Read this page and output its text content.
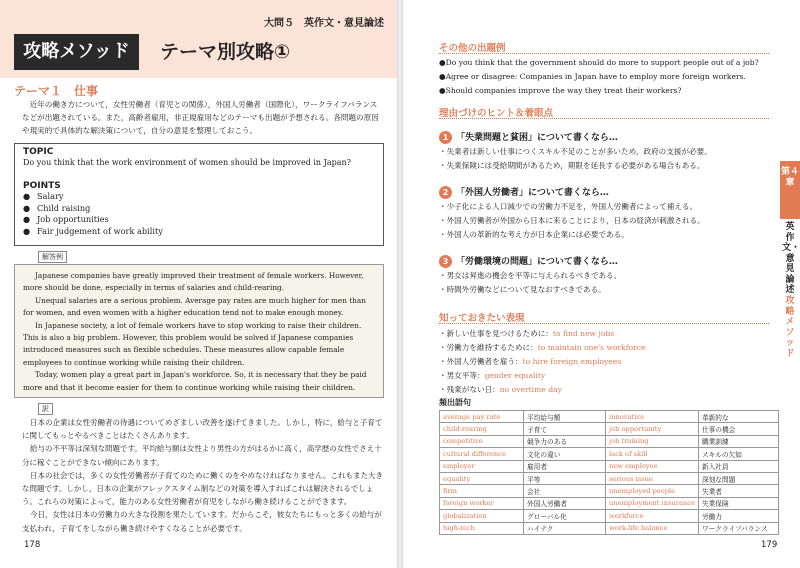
大問５　英作文・意見論述
攻略メソッド	テーマ別攻略①
テーマ１　仕事
　近年の働き方について，女性労働者（育児との関係），外国人労働者（国際化），ワークライフバランスなどが出題されている。また，高齢者雇用，非正規雇用などのテーマも出題が予想される。各問題の原因や現実的で具体的な解決策について，自分の意見を整理しておこう。
TOPIC
Do you think that the work environment of women should be improved in Japan?
POINTS
● Salary
● Child raising
● Job opportunities
● Fair judgement of work ability
解答例

Japanese companies have greatly improved their treatment of female workers. However, more should be done, especially in terms of salaries and child-rearing.

Unequal salaries are a serious problem. Average pay rates are much higher for men than for women, and even women with a higher education tend not to make enough money.

In Japanese society, a lot of female workers have to stop working to raise their children. This is also a big problem. However, this problem would be solved if Japanese companies introduced measures such as flexible schedules. These measures allow capable female employees to continue working while raising their children.

Today, women play a great part in Japan's workforce. So, it is necessary that they be paid more and that it become easier for them to continue working while raising their children.

訳

日本の企業は女性労働者の待遇についてめざましい改善を遂げてきました。しかし，特に，給与と子育てに関してもっとやるべきことはたくさんあります。

給与の不平等は深刻な問題です。平均給与額は女性より男性の方がはるかに高く，高学歴の女性でさえ十分に稼ぐことができない傾向にあります。

日本の社会では，多くの女性労働者が子育てのために働くのをやめなければなりません。これもまた大きな問題です。しかし，日本の企業がフレックスタイム制などの対策を導入すればこれは解決されるでしょう。これらの対策によって，能力のある女性労働者が育児をしながら働き続けることができます。

今日，女性は日本の労働力の大きな役割を果たしています。だからこそ，彼女たちにもっと多くの給与が支払われ，子育てをしながら働き続けやすくなることが必要です。

178
その他の出題例
●Do you think that the government should do more to support people out of a job?
●Agree or disagree: Companies in Japan have to employ more foreign workers.
●Should companies improve the way they treat their workers?
理由づけのヒント＆着眼点
1 「失業問題と貧困」について書くなら…
・失業者は新しい仕事につくスキル不足のことが多いため，政府の支援が必要。
・失業保険には受給期間があるため，期限を延長する必要がある場合もある。
2 「外国人労働者」について書くなら…
・少子化による人口減少での労働力不足を，外国人労働者によって補える。
・外国人労働者が外国から日本に来ることにより，日本の経済が刺激される。
・外国人の革新的な考え方が日本企業には必要である。
3 「労働環境の問題」について書くなら…
・男女は昇進の機会を平等に与えられるべきである。
・時間外労働などについて見なおすべきである。
知っておきたい表現
・新しい仕事を見つけるために：to find new jobs
・労働力を維持するために：to maintain one's workforce
・外国人労働者を雇う：to hire foreign employees
・男女平等：gender equality
・残業がない日：no overtime day
頻出語句
average pay rate	平均給与額	innovative	革新的な
child-rearing	子育て	job opportunity	仕事の機会
competitive	競争力のある	job training	職業訓練
cultural difference	文化の違い	lack of skill	スキルの欠如
employer	雇用者	new employee	新入社員
equality	平等	serious issue	深刻な問題
firm	会社	unemployed people	失業者
foreign worker	外国人労働者	unemployment insurance	失業保険
globalization	グローバル化	workforce	労働力
high-tech	ハイテク	work-life balance	ワークライフバランス
第４章
英作文・意見論述
攻略メソッド
179
